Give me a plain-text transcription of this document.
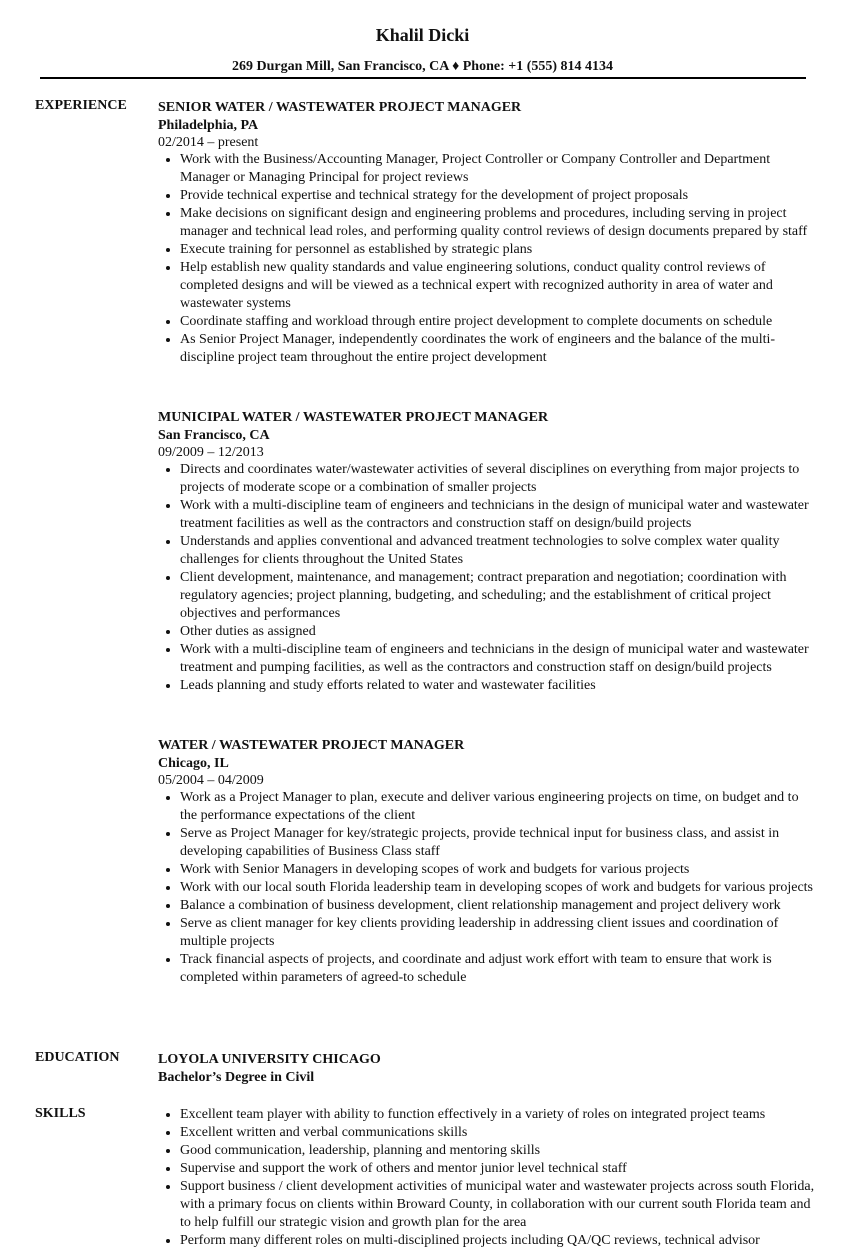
Khalil Dicki
269 Durgan Mill, San Francisco, CA ♦ Phone: +1 (555) 814 4134
EXPERIENCE SENIOR WATER / WASTEWATER PROJECT MANAGER
Philadelphia, PA
02/2014 – present
• Work with the Business/Accounting Manager, Project Controller or Company Controller and Department Manager or Managing Principal for project reviews
• Provide technical expertise and technical strategy for the development of project proposals
• Make decisions on significant design and engineering problems and procedures, including serving in project manager and technical lead roles, and performing quality control reviews of design documents prepared by staff
• Execute training for personnel as established by strategic plans
• Help establish new quality standards and value engineering solutions, conduct quality control reviews of completed designs and will be viewed as a technical expert with recognized authority in area of water and wastewater systems
• Coordinate staffing and workload through entire project development to complete documents on schedule
• As Senior Project Manager, independently coordinates the work of engineers and the balance of the multi-discipline project team throughout the entire project development
MUNICIPAL WATER / WASTEWATER PROJECT MANAGER
San Francisco, CA
09/2009 – 12/2013
• Directs and coordinates water/wastewater activities of several disciplines on everything from major projects to projects of moderate scope or a combination of smaller projects
• Work with a multi-discipline team of engineers and technicians in the design of municipal water and wastewater treatment facilities as well as the contractors and construction staff on design/build projects
• Understands and applies conventional and advanced treatment technologies to solve complex water quality challenges for clients throughout the United States
• Client development, maintenance, and management; contract preparation and negotiation; coordination with regulatory agencies; project planning, budgeting, and scheduling; and the establishment of critical project objectives and performances
• Other duties as assigned
• Work with a multi-discipline team of engineers and technicians in the design of municipal water and wastewater treatment and pumping facilities, as well as the contractors and construction staff on design/build projects
• Leads planning and study efforts related to water and wastewater facilities
WATER / WASTEWATER PROJECT MANAGER
Chicago, IL
05/2004 – 04/2009
• Work as a Project Manager to plan, execute and deliver various engineering projects on time, on budget and to the performance expectations of the client
• Serve as Project Manager for key/strategic projects, provide technical input for business class, and assist in developing capabilities of Business Class staff
• Work with Senior Managers in developing scopes of work and budgets for various projects
• Work with our local south Florida leadership team in developing scopes of work and budgets for various projects
• Balance a combination of business development, client relationship management and project delivery work
• Serve as client manager for key clients providing leadership in addressing client issues and coordination of multiple projects
• Track financial aspects of projects, and coordinate and adjust work effort with team to ensure that work is completed within parameters of agreed-to schedule
EDUCATION	LOYOLA UNIVERSITY CHICAGO
Bachelor’s Degree in Civil
SKILLS
•	Excellent team player with ability to function effectively in a variety of roles on integrated project teams
• Excellent written and verbal communications skills
• Good communication, leadership, planning and mentoring skills
• Supervise and support the work of others and mentor junior level technical staff
• Support business / client development activities of municipal water and wastewater projects across south Florida, with a primary focus on clients within Broward County, in collaboration with our current south Florida team and to help fulfill our strategic vision and growth plan for the area
• Perform many different roles on multi-disciplined projects including QA/QC reviews, technical advisor
